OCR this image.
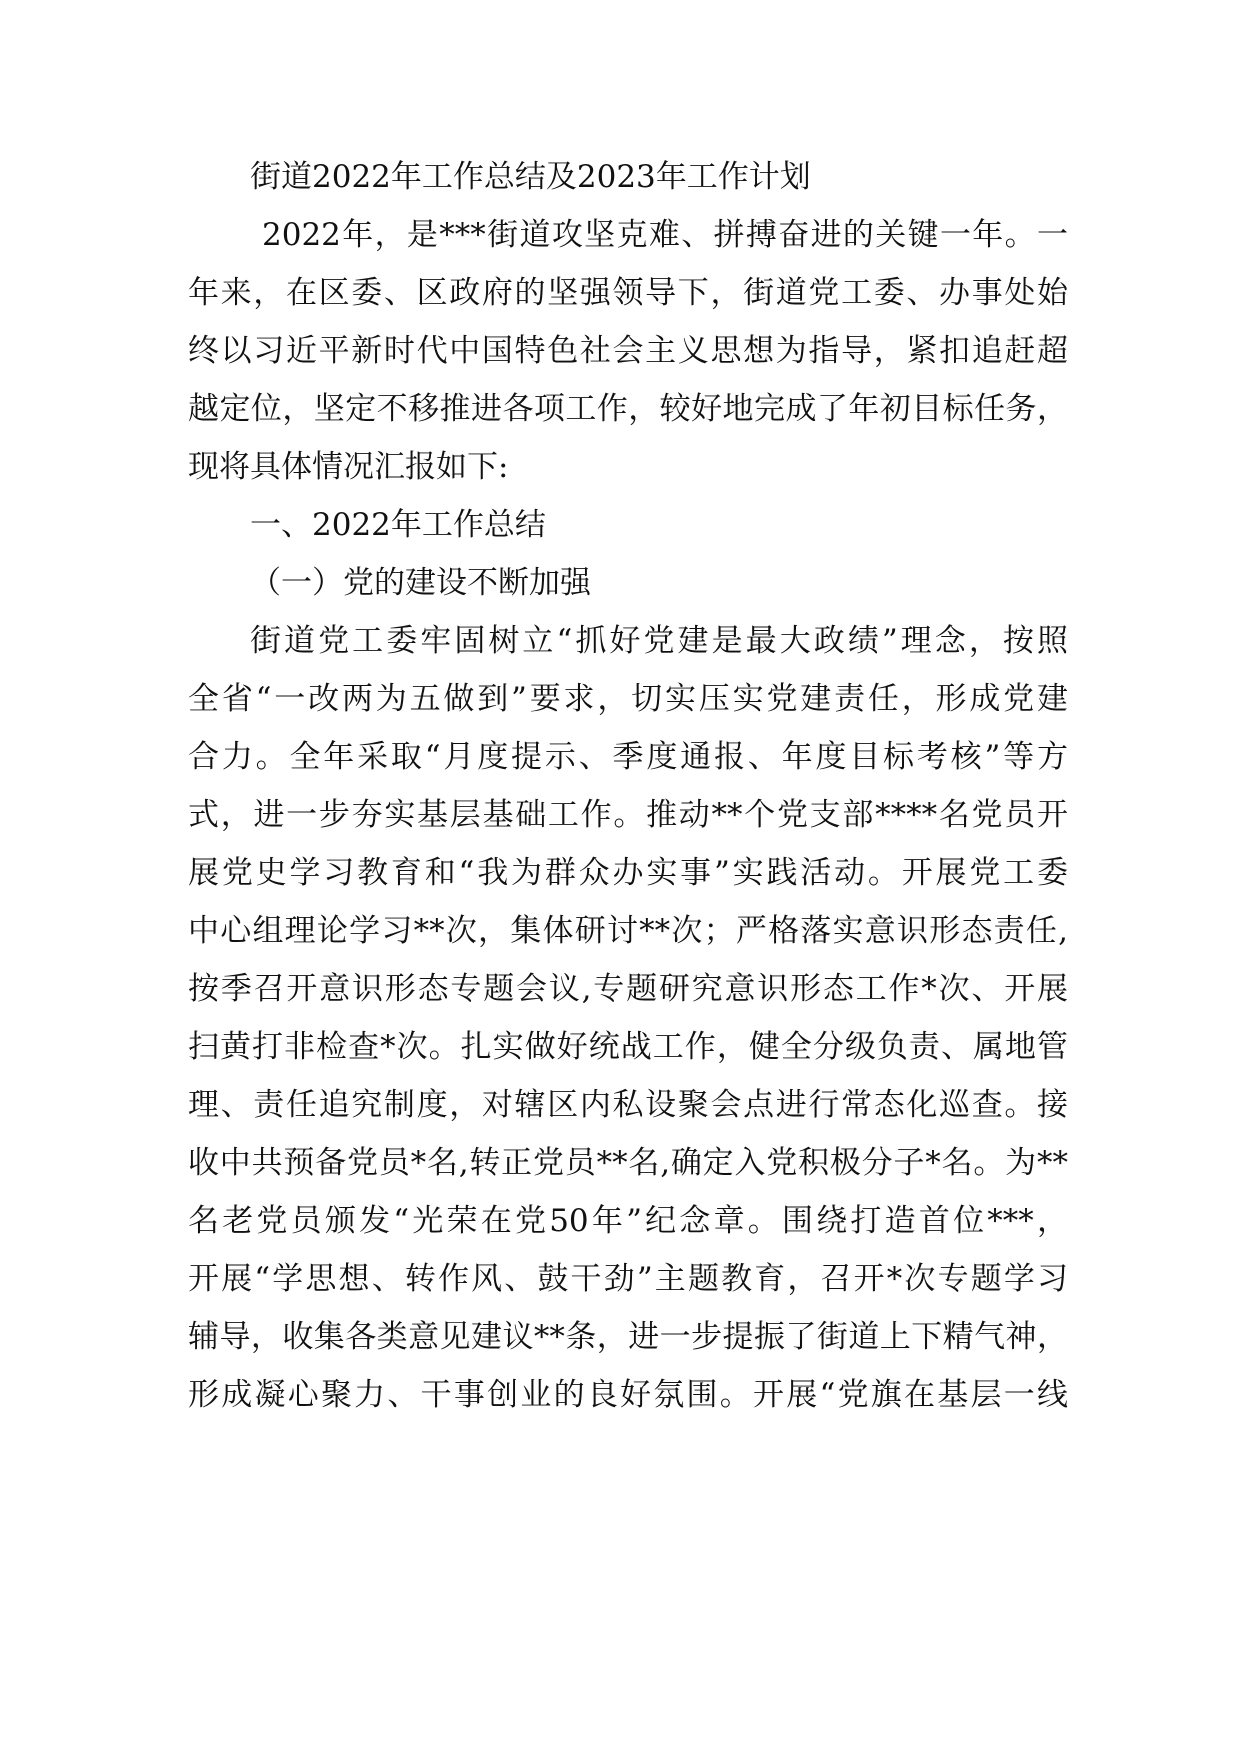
街道2022年工作总结及2023年工作计划
2022年，是***街道攻坚克难、拼搏奋进的关键一年。一
年来，在区委、区政府的坚强领导下，街道党工委、办事处始
终以习近平新时代中国特色社会主义思想为指导，紧扣追赶超
越定位，坚定不移推进各项工作，较好地完成了年初目标任务，
现将具体情况汇报如下:
一、2022年工作总结
（一）党的建设不断加强
街道党工委牢固树立“抓好党建是最大政绩”理念，按照
全省“一改两为五做到”要求，切实压实党建责任，形成党建
合力。全年采取“月度提示、季度通报、年度目标考核”等方
式，进一步夯实基层基础工作。推动**个党支部****名党员开
展党史学习教育和“我为群众办实事”实践活动。开展党工委
中心组理论学习**次，集体研讨**次；严格落实意识形态责任,
按季召开意识形态专题会议,专题研究意识形态工作*次、开展
扫黄打非检查*次。扎实做好统战工作，健全分级负责、属地管
理、责任追究制度，对辖区内私设聚会点进行常态化巡查。接
收中共预备党员*名,转正党员**名,确定入党积极分子*名。为**
名老党员颁发“光荣在党50年”纪念章。围绕打造首位***，
开展“学思想、转作风、鼓干劲”主题教育，召开*次专题学习
辅导，收集各类意见建议**条，进一步提振了街道上下精气神，
形成凝心聚力、干事创业的良好氛围。开展“党旗在基层一线
